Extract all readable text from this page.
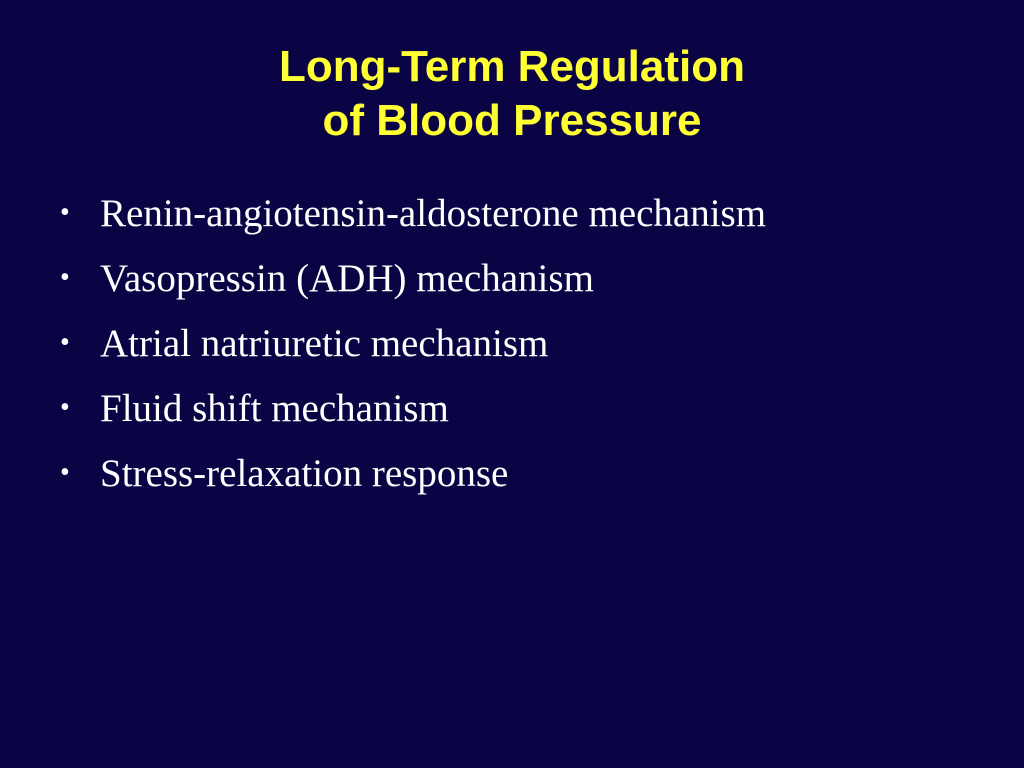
Long-Term Regulation
of Blood Pressure
• Renin-angiotensin-aldosterone mechanism
• Vasopressin (ADH) mechanism
• Atrial natriuretic mechanism
• Fluid shift mechanism
• Stress-relaxation response
